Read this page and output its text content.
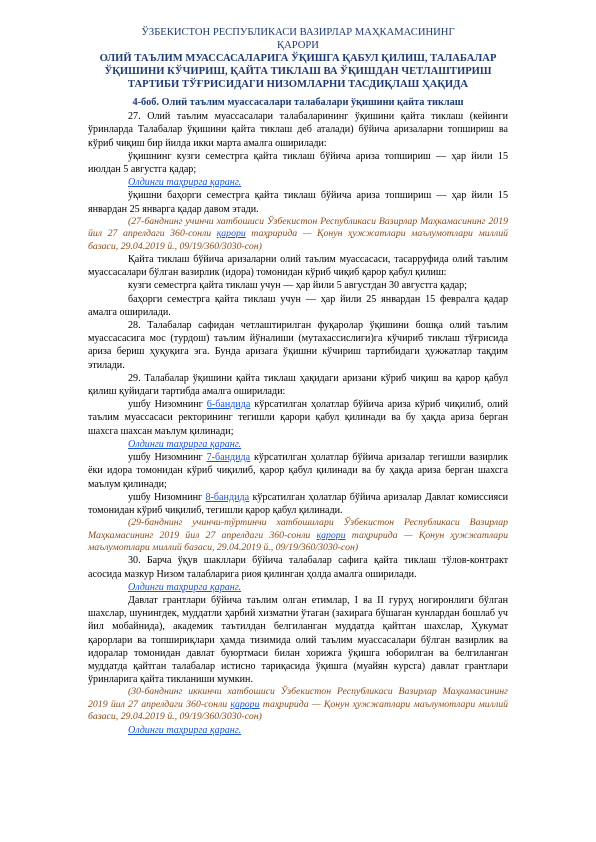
ЎЗБЕКИСТОН РЕСПУБЛИКАСИ ВАЗИРЛАР МАҲКАМАСИНИНГ
ҚАРОРИ
ОЛИЙ ТАЪЛИМ МУАССАСАЛАРИГА ЎҚИШГА ҚАБУЛ ҚИЛИШ, ТАЛАБАЛАР
ЎҚИШИНИ КЎЧИРИШ, ҚАЙТА ТИКЛАШ ВА ЎҚИШДАН ЧЕТЛАШТИРИШ
ТАРТИБИ ТЎҒРИСИДАГИ НИЗОМЛАРНИ ТАСДИҚЛАШ ҲАҚИДА
4-боб. Олий таълим муассасалари талабалари ўқишини қайта тиклаш

27. Олий таълим муассасалари талабаларининг ўқишини қайта тиклаш (кейинги ўринларда Талабалар ўқишини қайта тиклаш деб аталади) бўйича аризаларни топшириш ва кўриб чиқиш бир йилда икки марта амалга оширилади:

ўқишнинг кузги семестрга қайта тиклаш бўйича ариза топшириш — ҳар йили 15 июлдан 5 августга қадар;

Олдинги таҳрирга қаранг.

ўқишни баҳорги семестрга қайта тиклаш бўйича ариза топшириш — ҳар йили 15 январдан 25 январга қадар давом этади.

(27-банднинг учинчи хатбошиси Ўзбекистон Республикаси Вазирлар Маҳкамасининг 2019 йил 27 апрелдаги 360-сонли қарори таҳририда — Қонун ҳужжатлари маълумотлари миллий базаси, 29.04.2019 й., 09/19/360/3030-сон)

Қайта тиклаш бўйича аризаларни олий таълим муассасаси, тасарруфида олий таълим муассасалари бўлган вазирлик (идора) томонидан кўриб чиқиб қарор қабул қилиш:

кузги семестрга қайта тиклаш учун — ҳар йили 5 августдан 30 августга қадар;

баҳорги семестрга қайта тиклаш учун — ҳар йили 25 январдан 15 февралга қадар амалга оширилади.

28. Талабалар сафидан четлаштирилган фуқаролар ўқишини бошқа олий таълим муассасасига мос (турдош) таълим йўналиши (мутахассислиги)га кўчириб тиклаш тўғрисида ариза бериш ҳуқуқига эга. Бунда аризага ўқишни кўчириш тартибидаги ҳужжатлар тақдим этилади.

29. Талабалар ўқишини қайта тиклаш ҳақидаги аризани кўриб чиқиш ва қарор қабул қилиш қуйидаги тартибда амалга оширилади:

ушбу Низомнинг 6-бандида кўрсатилган ҳолатлар бўйича ариза кўриб чиқилиб, олий таълим муассасаси ректорининг тегишли қарори қабул қилинади ва бу ҳақда ариза берган шахсга шахсан маълум қилинади;

Олдинги таҳрирга қаранг.

ушбу Низомнинг 7-бандида кўрсатилган ҳолатлар бўйича аризалар тегишли вазирлик ёки идора томонидан кўриб чиқилиб, қарор қабул қилинади ва бу ҳақда ариза берган шахсга маълум қилинади;

ушбу Низомнинг 8-бандида кўрсатилган ҳолатлар бўйича аризалар Давлат комиссияси томонидан кўриб чиқилиб, тегишли қарор қабул қилинади.

(29-банднинг учинчи-тўртинчи хатбошилари Ўзбекистон Республикаси Вазирлар Маҳкамасининг 2019 йил 27 апрелдаги 360-сонли қарори таҳририда — Қонун ҳужжатлари маълумотлари миллий базаси, 29.04.2019 й., 09/19/360/3030-сон)

30. Барча ўқув шакллари бўйича талабалар сафига қайта тиклаш тўлов-контракт асосида мазкур Низом талабларига риоя қилинган ҳолда амалга оширилади.

Олдинги таҳрирга қаранг.

Давлат грантлари бўйича таълим олган етимлар, I ва II гуруҳ ногиронлиги бўлган шахслар, шунингдек, муддатли ҳарбий хизматни ўтаган (захирага бўшаган кунлардан бошлаб уч йил мобайнида), академик таътилдан белгиланган муддатда қайтган шахслар, Ҳукумат қарорлари ва топшириқлари ҳамда тизимида олий таълим муассасалари бўлган вазирлик ва идоралар томонидан давлат буюртмаси билан хорижга ўқишга юборилган ва белгиланган муддатда қайтган талабалар истисно тариқасида ўқишга (муайян курсга) давлат грантлари ўринларига қайта тикланиши мумкин.

(30-банднинг иккинчи хатбошиси Ўзбекистон Республикаси Вазирлар Маҳкамасининг 2019 йил 27 апрелдаги 360-сонли қарори таҳририда — Қонун ҳужжатлари маълумотлари миллий базаси, 29.04.2019 й., 09/19/360/3030-сон)

Олдинги таҳрирга қаранг.
